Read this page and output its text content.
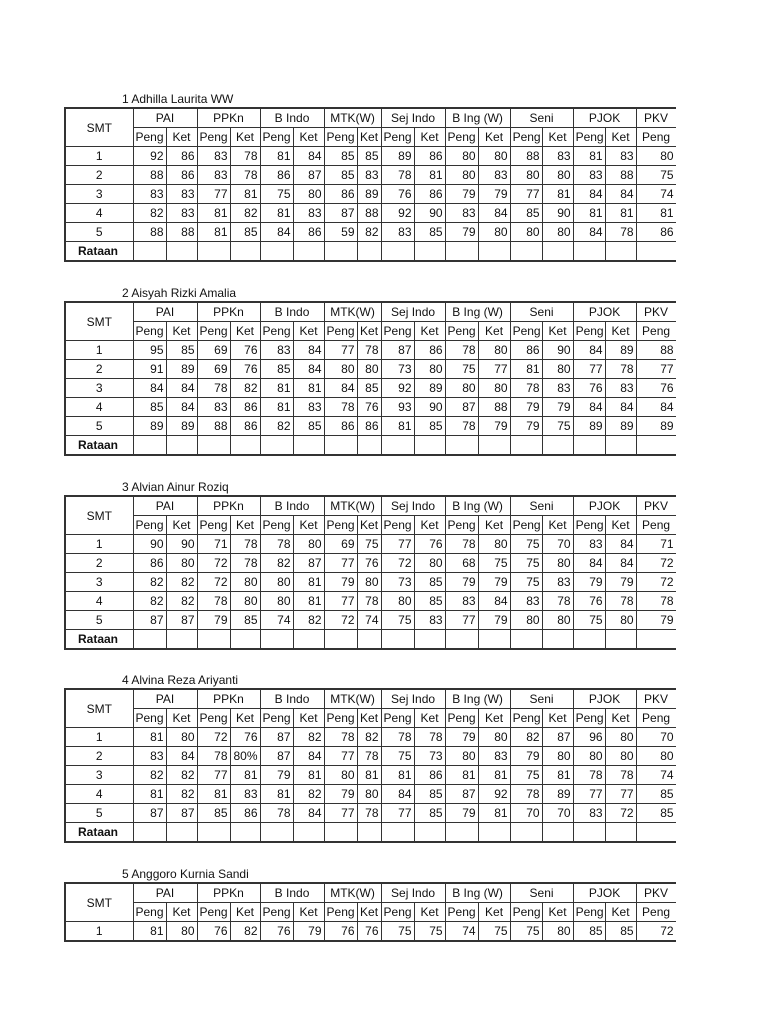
1 Adhilla Laurita WW
SMT	PAI		PPKn		B Indo		MTK(W)		Sej Indo		B Ing (W)		Seni		PJOK		PKV
	Peng	Ket	Peng	Ket	Peng	Ket	Peng	Ket	Peng	Ket	Peng	Ket	Peng	Ket	Peng	Ket	Peng
1	92	86	83	78	81	84	85	85	89	86	80	80	88	83	81	83	80
2	88	86	83	78	86	87	85	83	78	81	80	83	80	80	83	88	75
3	83	83	77	81	75	80	86	89	76	86	79	79	77	81	84	84	74
4	82	83	81	82	81	83	87	88	92	90	83	84	85	90	81	81	81
5	88	88	81	85	84	86	59	82	83	85	79	80	80	80	84	78	86
Rataan																	
2 Aisyah Rizki Amalia
SMT	PAI		PPKn		B Indo		MTK(W)		Sej Indo		B Ing (W)		Seni		PJOK		PKV
	Peng	Ket	Peng	Ket	Peng	Ket	Peng	Ket	Peng	Ket	Peng	Ket	Peng	Ket	Peng	Ket	Peng
1	95	85	69	76	83	84	77	78	87	86	78	80	86	90	84	89	88
2	91	89	69	76	85	84	80	80	73	80	75	77	81	80	77	78	77
3	84	84	78	82	81	81	84	85	92	89	80	80	78	83	76	83	76
4	85	84	83	86	81	83	78	76	93	90	87	88	79	79	84	84	84
5	89	89	88	86	82	85	86	86	81	85	78	79	79	75	89	89	89
Rataan																	
3 Alvian Ainur Roziq
SMT	PAI		PPKn		B Indo		MTK(W)		Sej Indo		B Ing (W)		Seni		PJOK		PKV
	Peng	Ket	Peng	Ket	Peng	Ket	Peng	Ket	Peng	Ket	Peng	Ket	Peng	Ket	Peng	Ket	Peng
1	90	90	71	78	78	80	69	75	77	76	78	80	75	70	83	84	71
2	86	80	72	78	82	87	77	76	72	80	68	75	75	80	84	84	72
3	82	82	72	80	80	81	79	80	73	85	79	79	75	83	79	79	72
4	82	82	78	80	80	81	77	78	80	85	83	84	83	78	76	78	78
5	87	87	79	85	74	82	72	74	75	83	77	79	80	80	75	80	79
Rataan																	
4 Alvina Reza Ariyanti
SMT	PAI		PPKn		B Indo		MTK(W)		Sej Indo		B Ing (W)		Seni		PJOK		PKV
	Peng	Ket	Peng	Ket	Peng	Ket	Peng	Ket	Peng	Ket	Peng	Ket	Peng	Ket	Peng	Ket	Peng
1	81	80	72	76	87	82	78	82	78	78	79	80	82	87	96	80	70
2	83	84	78	80%	87	84	77	78	75	73	80	83	79	80	80	80	80
3	82	82	77	81	79	81	80	81	81	86	81	81	75	81	78	78	74
4	81	82	81	83	81	82	79	80	84	85	87	92	78	89	77	77	85
5	87	87	85	86	78	84	77	78	77	85	79	81	70	70	83	72	85
Rataan																	
5 Anggoro Kurnia Sandi
SMT	PAI		PPKn		B Indo		MTK(W)		Sej Indo		B Ing (W)		Seni		PJOK		PKV
	Peng	Ket	Peng	Ket	Peng	Ket	Peng	Ket	Peng	Ket	Peng	Ket	Peng	Ket	Peng	Ket	Peng
1	81	80	76	82	76	79	76	76	75	75	74	75	75	80	85	85	72
